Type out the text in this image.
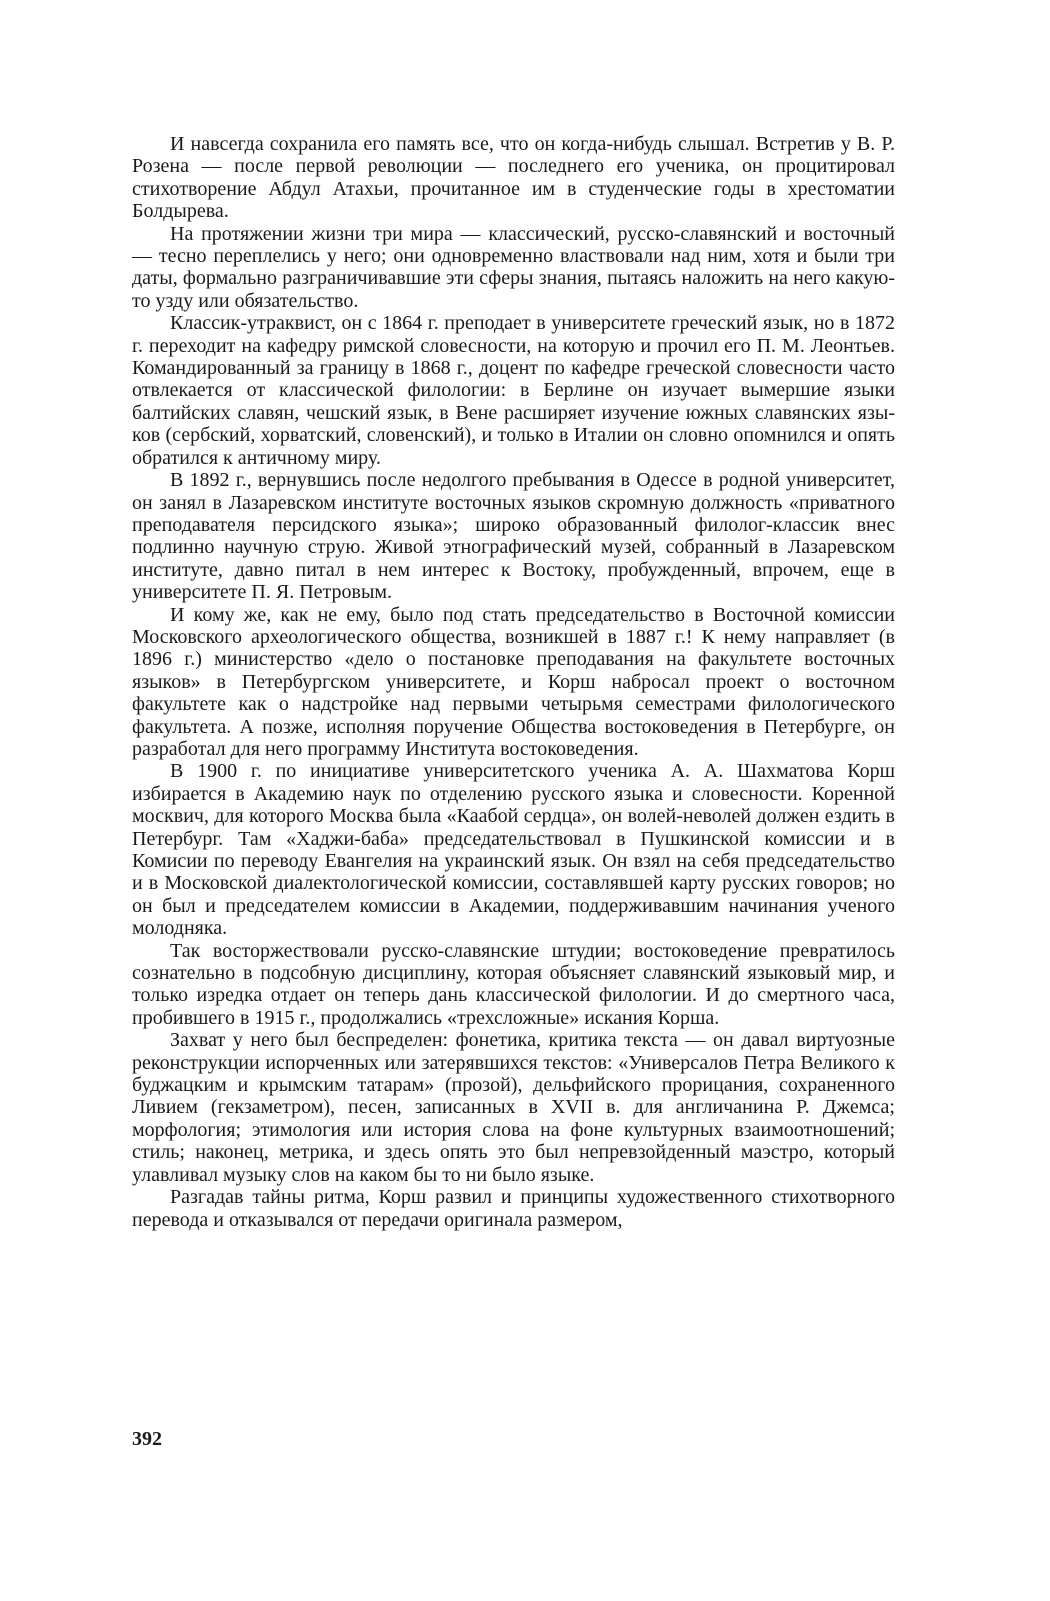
И навсегда сохранила его память все, что он когда-нибудь слышал. Встретив у В. Р. Розена — после первой революции — последнего его ученика, он процитировал стихотворение Абдул Атахьи, прочитанное им в студенческие годы в хрестоматии Болдырева.

На протяжении жизни три мира — классический, русско-славянский и восточный — тесно переплелись у него; они одновременно властвовали над ним, хотя и были три даты, формально разграничивавшие эти сферы знания, пытаясь наложить на него какую-то узду или обязательство.

Классик-утраквист, он с 1864 г. преподает в университете греческий язык, но в 1872 г. переходит на кафедру римской словесности, на которую и прочил его П. М. Леонтьев. Командированный за границу в 1868 г., доцент по кафедре греческой словесности часто отвлекается от классической филологии: в Берлине он изучает вымершие языки балтийских славян, чешский язык, в Вене расширяет изучение южных славянских языков (сербский, хорватский, словенский), и только в Италии он словно опомнился и опять обратился к античному миру.

В 1892 г., вернувшись после недолгого пребывания в Одессе в родной университет, он занял в Лазаревском институте восточных языков скромную должность «приватного преподавателя персидского языка»; широко образованный филолог-классик внес подлинно научную струю. Живой этнографический музей, собранный в Лазаревском институте, давно питал в нем интерес к Востоку, пробужденный, впрочем, еще в университете П. Я. Петровым.

И кому же, как не ему, было под стать председательство в Восточной комиссии Московского археологического общества, возникшей в 1887 г.! К нему направляет (в 1896 г.) министерство «дело о постановке преподавания на факультете восточных языков» в Петербургском университете, и Корш набросал проект о восточном факультете как о надстройке над первыми четырьмя семестрами филологического факультета. А позже, исполняя поручение Общества востоковедения в Петербурге, он разработал для него программу Института востоковедения.

В 1900 г. по инициативе университетского ученика А. А. Шахматова Корш избирается в Академию наук по отделению русского языка и словесности. Коренной москвич, для которого Москва была «Каабой сердца», он волей-неволей должен ездить в Петербург. Там «Хаджи-баба» председательствовал в Пушкинской комиссии и в Комисии по переводу Евангелия на украинский язык. Он взял на себя председательство и в Московской диалектологической комиссии, составлявшей карту русских говоров; но он был и председателем комиссии в Академии, поддерживавшим начинания ученого молодняка.

Так восторжествовали русско-славянские штудии; востоковедение превратилось сознательно в подсобную дисциплину, которая объясняет славянский языковый мир, и только изредка отдает он теперь дань классической филологии. И до смертного часа, пробившего в 1915 г., продолжались «трехсложные» искания Корша.

Захват у него был беспределен: фонетика, критика текста — он давал виртуозные реконструкции испорченных или затерявшихся текстов: «Универсалов Петра Великого к буджацким и крымским татарам» (прозой), дельфийского прорицания, сохраненного Ливием (гекзаметром), песен, записанных в XVII в. для англичанина Р. Джемса; морфология; этимология или история слова на фоне культурных взаимоотношений; стиль; наконец, метрика, и здесь опять это был непревзойденный маэстро, который улавливал музыку слов на каком бы то ни было языке.

Разгадав тайны ритма, Корш развил и принципы художественного стихотворного перевода и отказывался от передачи оригинала размером,

392
